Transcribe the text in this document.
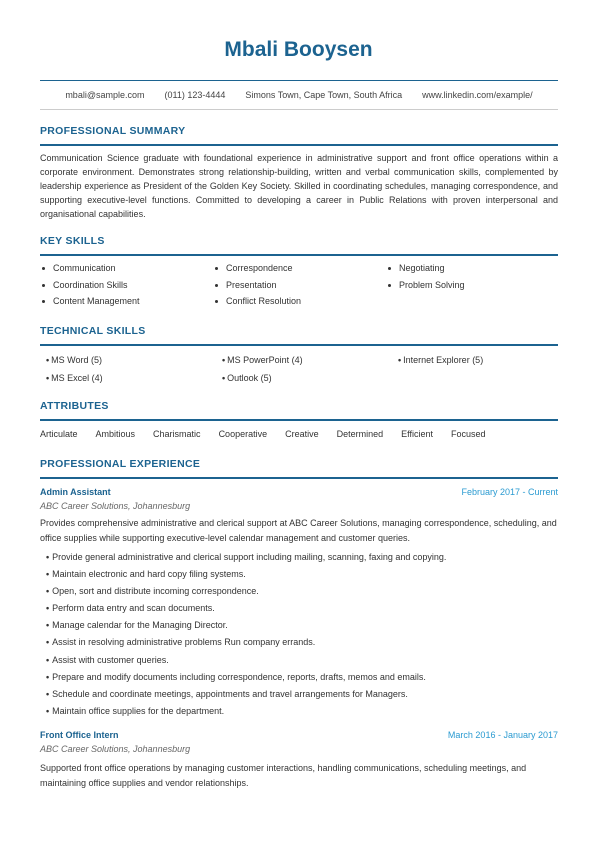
Mbali Booysen
mbali@sample.com (011) 123-4444 Simons Town, Cape Town, South Africa www.linkedin.com/example/
PROFESSIONAL SUMMARY

Communication Science graduate with foundational experience in administrative support and front office operations within a corporate environment. Demonstrates strong relationship-building, written and verbal communication skills, complemented by leadership experience as President of the Golden Key Society. Skilled in coordinating schedules, managing correspondence, and supporting executive-level functions. Committed to developing a career in Public Relations with proven interpersonal and organisational capabilities.

KEY SKILLS
Communication	Correspondence	Negotiating
Coordination Skills	Presentation	Problem Solving
Content Management	Conflict Resolution
TECHNICAL SKILLS
• MS Word (5)	• MS PowerPoint (4)	• Internet Explorer (5)
• MS Excel (4)	• Outlook (5)
ATTRIBUTES
Articulate Ambitious Charismatic Cooperative Creative Determined Efficient Focused
PROFESSIONAL EXPERIENCE
Admin Assistant	February 2017 - Current
ABC Career Solutions, Johannesburg

Provides comprehensive administrative and clerical support at ABC Career Solutions, managing correspondence, scheduling, and office supplies while supporting executive-level calendar management and customer queries.

• Provide general administrative and clerical support including mailing, scanning, faxing and copying.
• Maintain electronic and hard copy filing systems.
• Open, sort and distribute incoming correspondence.
• Perform data entry and scan documents.
• Manage calendar for the Managing Director.
• Assist in resolving administrative problems Run company errands.
• Assist with customer queries.
• Prepare and modify documents including correspondence, reports, drafts, memos and emails.
• Schedule and coordinate meetings, appointments and travel arrangements for Managers.
• Maintain office supplies for the department.
Front Office Intern	March 2016 - January 2017
ABC Career Solutions, Johannesburg

Supported front office operations by managing customer interactions, handling communications, scheduling meetings, and maintaining office supplies and vendor relationships.
